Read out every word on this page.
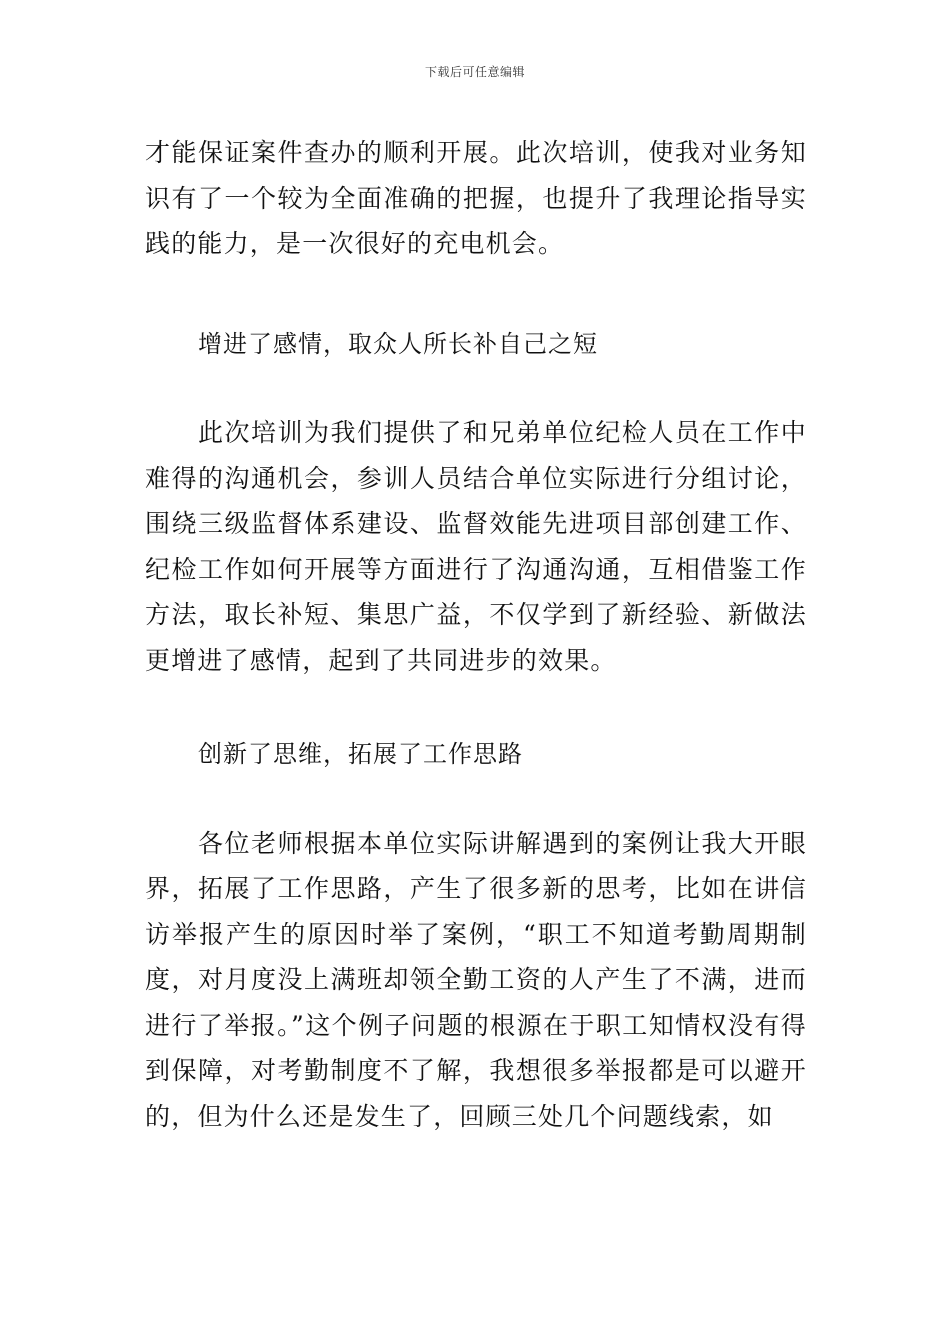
下载后可任意编辑

才能保证案件查办的顺利开展。此次培训，使我对业务知识有了一个较为全面准确的把握，也提升了我理论指导实践的能力，是一次很好的充电机会。

增进了感情，取众人所长补自己之短

此次培训为我们提供了和兄弟单位纪检人员在工作中难得的沟通机会，参训人员结合单位实际进行分组讨论，围绕三级监督体系建设、监督效能先进项目部创建工作、纪检工作如何开展等方面进行了沟通沟通，互相借鉴工作方法，取长补短、集思广益，不仅学到了新经验、新做法更增进了感情，起到了共同进步的效果。

创新了思维，拓展了工作思路

各位老师根据本单位实际讲解遇到的案例让我大开眼界，拓展了工作思路，产生了很多新的思考，比如在讲信访举报产生的原因时举了案例，“职工不知道考勤周期制度，对月度没上满班却领全勤工资的人产生了不满，进而进行了举报。”这个例子问题的根源在于职工知情权没有得到保障，对考勤制度不了解，我想很多举报都是可以避开的，但为什么还是发生了，回顾三处几个问题线索，如
